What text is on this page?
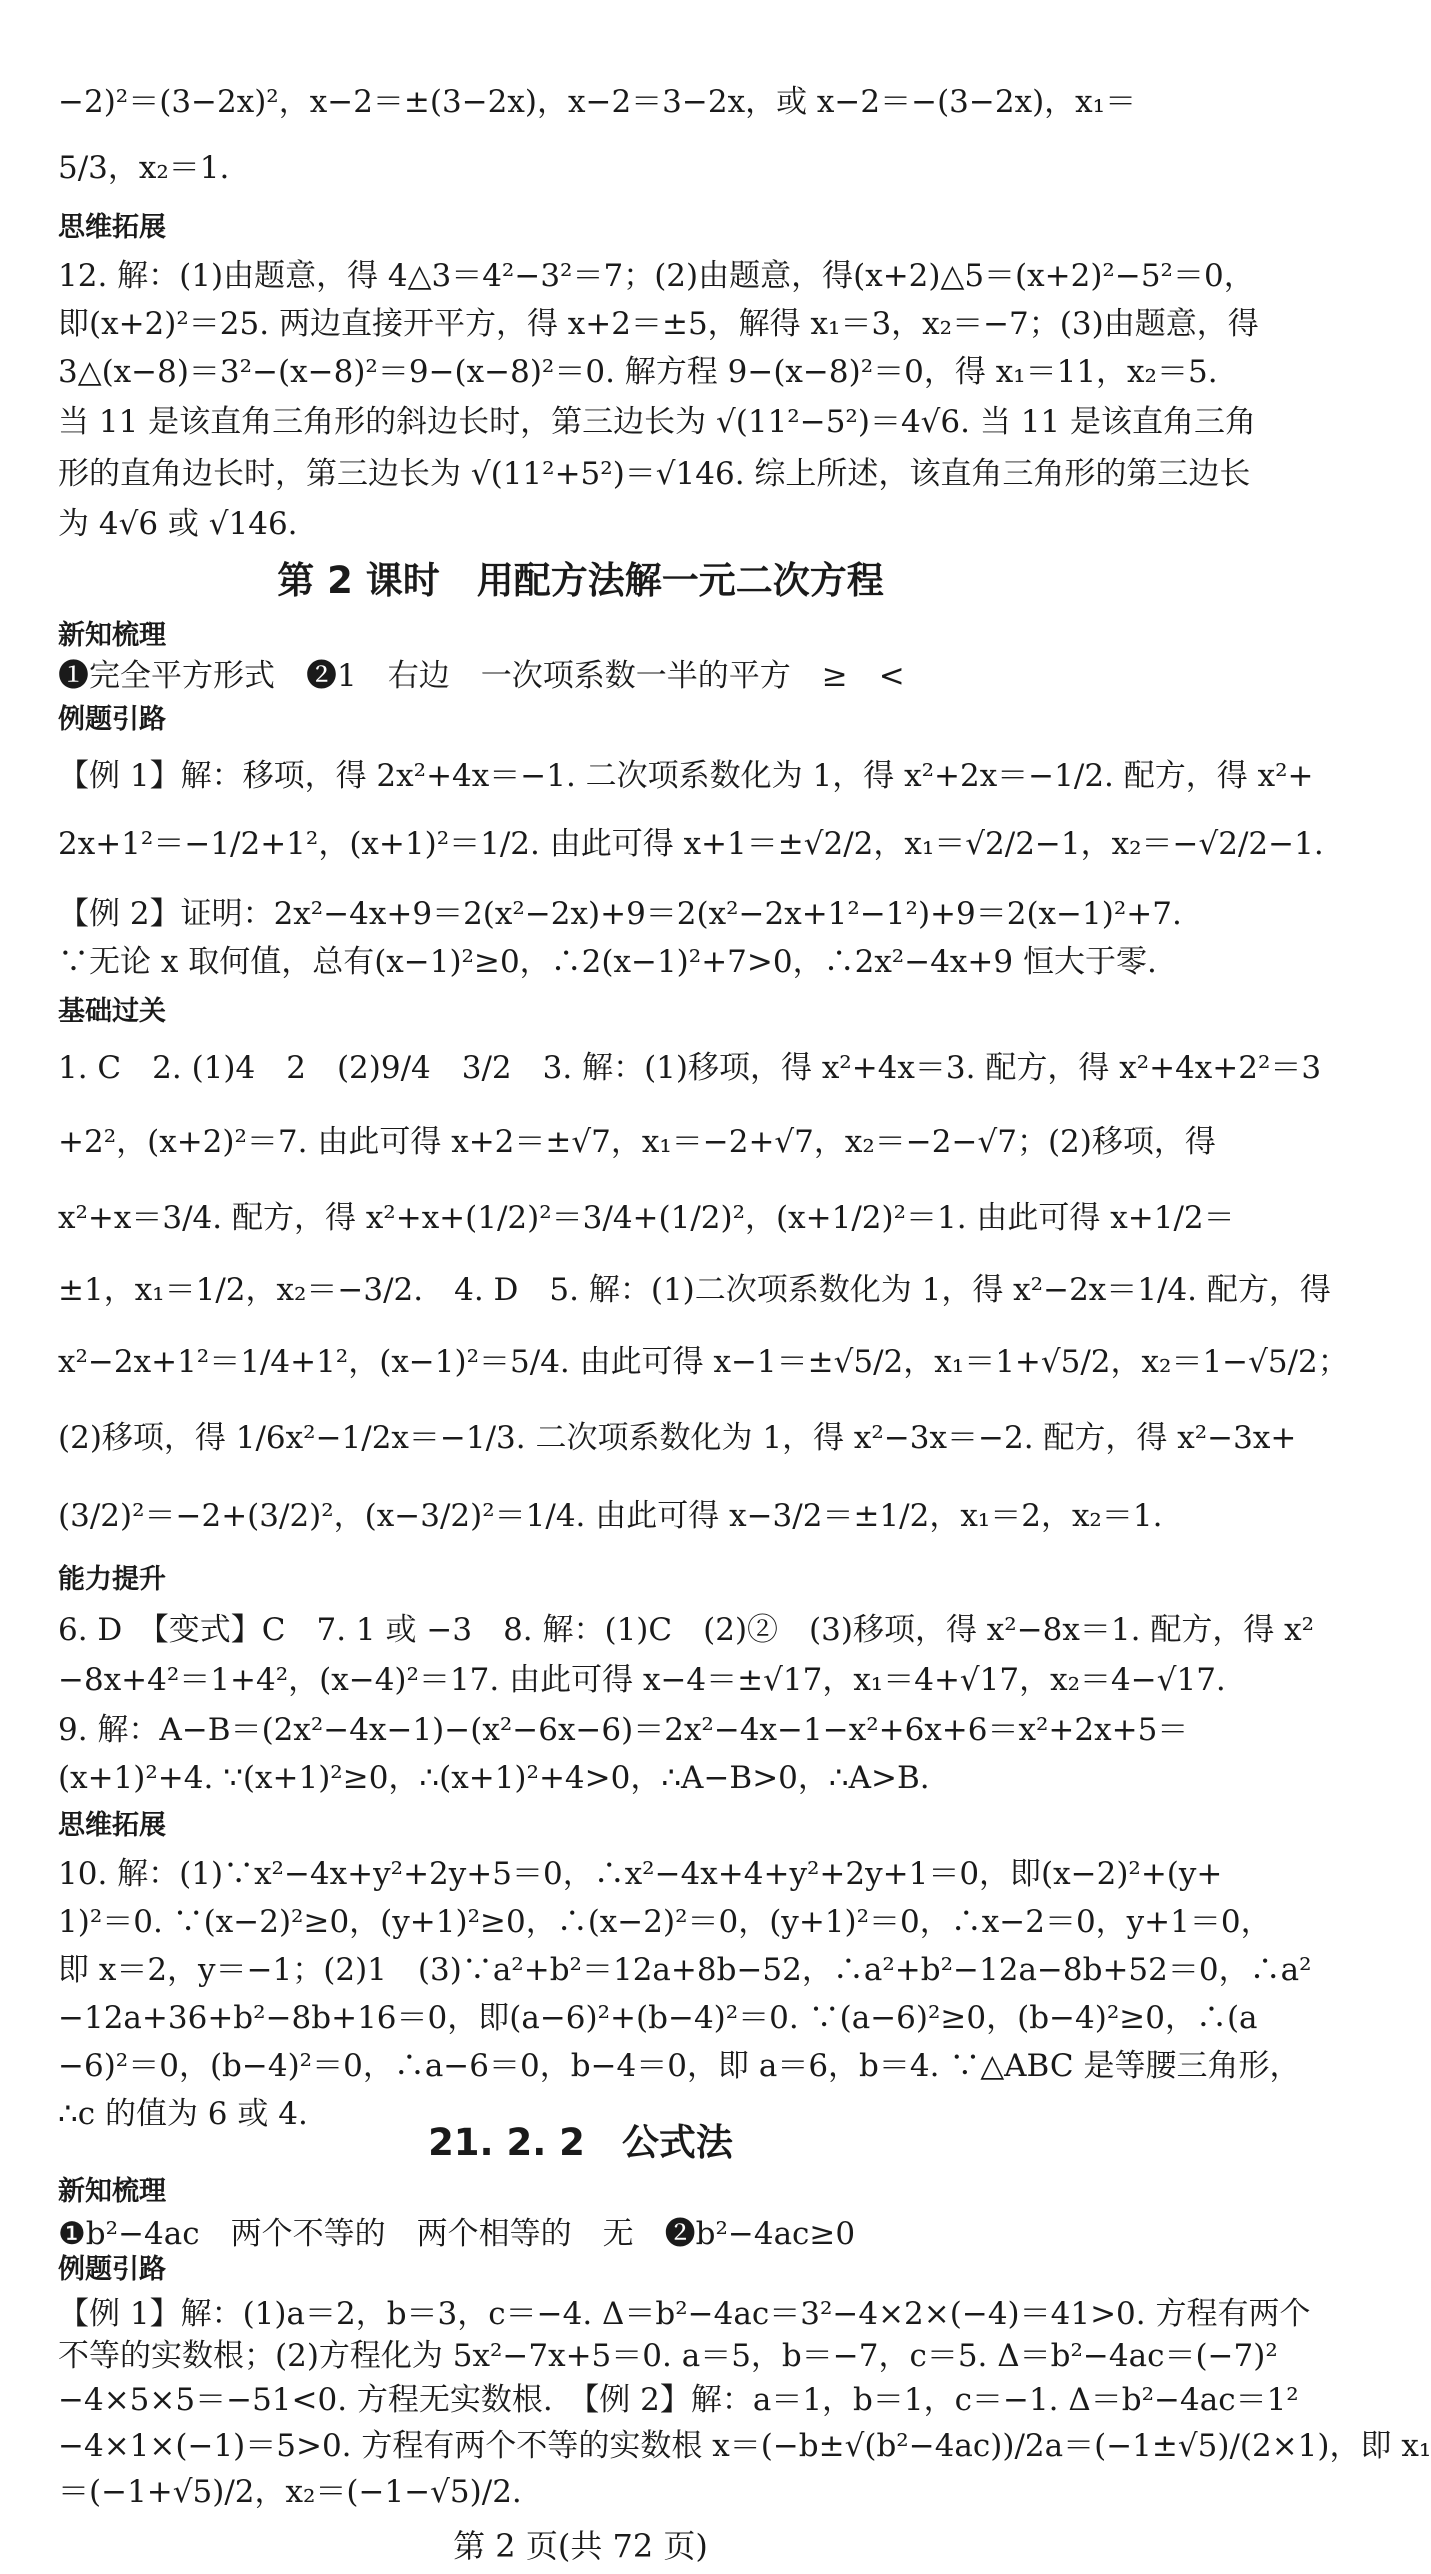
−2)²＝(3−2x)²，x−2＝±(3−2x)，x−2＝3−2x，或 x−2＝−(3−2x)，x₁＝
5/3，x₂＝1.
思维拓展
12. 解：(1)由题意，得 4△3＝4²−3²＝7；(2)由题意，得(x+2)△5＝(x+2)²−5²＝0，
即(x+2)²＝25. 两边直接开平方，得 x+2＝±5，解得 x₁＝3，x₂＝−7；(3)由题意，得
3△(x−8)＝3²−(x−8)²＝9−(x−8)²＝0. 解方程 9−(x−8)²＝0，得 x₁＝11，x₂＝5.
当 11 是该直角三角形的斜边长时，第三边长为 √(11²−5²)＝4√6. 当 11 是该直角三角
形的直角边长时，第三边长为 √(11²+5²)＝√146. 综上所述，该直角三角形的第三边长
为 4√6 或 √146.
第 2 课时　用配方法解一元二次方程
新知梳理
❶完全平方形式　❷1　右边　一次项系数一半的平方　≥　<
例题引路
【例 1】解：移项，得 2x²+4x＝−1. 二次项系数化为 1，得 x²+2x＝−1/2. 配方，得 x²+
2x+1²＝−1/2+1²，(x+1)²＝1/2. 由此可得 x+1＝±√2/2，x₁＝√2/2−1，x₂＝−√2/2−1.
【例 2】证明：2x²−4x+9＝2(x²−2x)+9＝2(x²−2x+1²−1²)+9＝2(x−1)²+7.
∵无论 x 取何值，总有(x−1)²≥0，∴2(x−1)²+7>0，∴2x²−4x+9 恒大于零.
基础过关
1. C　2. (1)4　2　(2)9/4　3/2　3. 解：(1)移项，得 x²+4x＝3. 配方，得 x²+4x+2²＝3
+2²，(x+2)²＝7. 由此可得 x+2＝±√7，x₁＝−2+√7，x₂＝−2−√7；(2)移项，得
x²+x＝3/4. 配方，得 x²+x+(1/2)²＝3/4+(1/2)²，(x+1/2)²＝1. 由此可得 x+1/2＝
±1，x₁＝1/2，x₂＝−3/2.　4. D　5. 解：(1)二次项系数化为 1，得 x²−2x＝1/4. 配方，得
x²−2x+1²＝1/4+1²，(x−1)²＝5/4. 由此可得 x−1＝±√5/2，x₁＝1+√5/2，x₂＝1−√5/2；
(2)移项，得 1/6x²−1/2x＝−1/3. 二次项系数化为 1，得 x²−3x＝−2. 配方，得 x²−3x+
(3/2)²＝−2+(3/2)²，(x−3/2)²＝1/4. 由此可得 x−3/2＝±1/2，x₁＝2，x₂＝1.
能力提升
6. D　【变式】C　7. 1 或 −3　8. 解：(1)C　(2)②　(3)移项，得 x²−8x＝1. 配方，得 x²
−8x+4²＝1+4²，(x−4)²＝17. 由此可得 x−4＝±√17，x₁＝4+√17，x₂＝4−√17.
9. 解：A−B＝(2x²−4x−1)−(x²−6x−6)＝2x²−4x−1−x²+6x+6＝x²+2x+5＝
(x+1)²+4. ∵(x+1)²≥0，∴(x+1)²+4>0，∴A−B>0，∴A>B.
思维拓展
10. 解：(1)∵x²−4x+y²+2y+5＝0，∴x²−4x+4+y²+2y+1＝0，即(x−2)²+(y+
1)²＝0. ∵(x−2)²≥0，(y+1)²≥0，∴(x−2)²＝0，(y+1)²＝0，∴x−2＝0，y+1＝0，
即 x＝2，y＝−1；(2)1　(3)∵a²+b²＝12a+8b−52，∴a²+b²−12a−8b+52＝0，∴a²
−12a+36+b²−8b+16＝0，即(a−6)²+(b−4)²＝0. ∵(a−6)²≥0，(b−4)²≥0，∴(a
−6)²＝0，(b−4)²＝0，∴a−6＝0，b−4＝0，即 a＝6，b＝4. ∵△ABC 是等腰三角形，
∴c 的值为 6 或 4.
21. 2. 2　公式法
新知梳理
❶b²−4ac　两个不等的　两个相等的　无　❷b²−4ac≥0
例题引路
【例 1】解：(1)a＝2，b＝3，c＝−4. Δ＝b²−4ac＝3²−4×2×(−4)＝41>0. 方程有两个
不等的实数根；(2)方程化为 5x²−7x+5＝0. a＝5，b＝−7，c＝5. Δ＝b²−4ac＝(−7)²
−4×5×5＝−51<0. 方程无实数根.　【例 2】解：a＝1，b＝1，c＝−1. Δ＝b²−4ac＝1²
−4×1×(−1)＝5>0. 方程有两个不等的实数根 x＝(−b±√(b²−4ac))/2a＝(−1±√5)/(2×1)，即 x₁
第 2 页(共 72 页)
＝(−1+√5)/2，x₂＝(−1−√5)/2.
